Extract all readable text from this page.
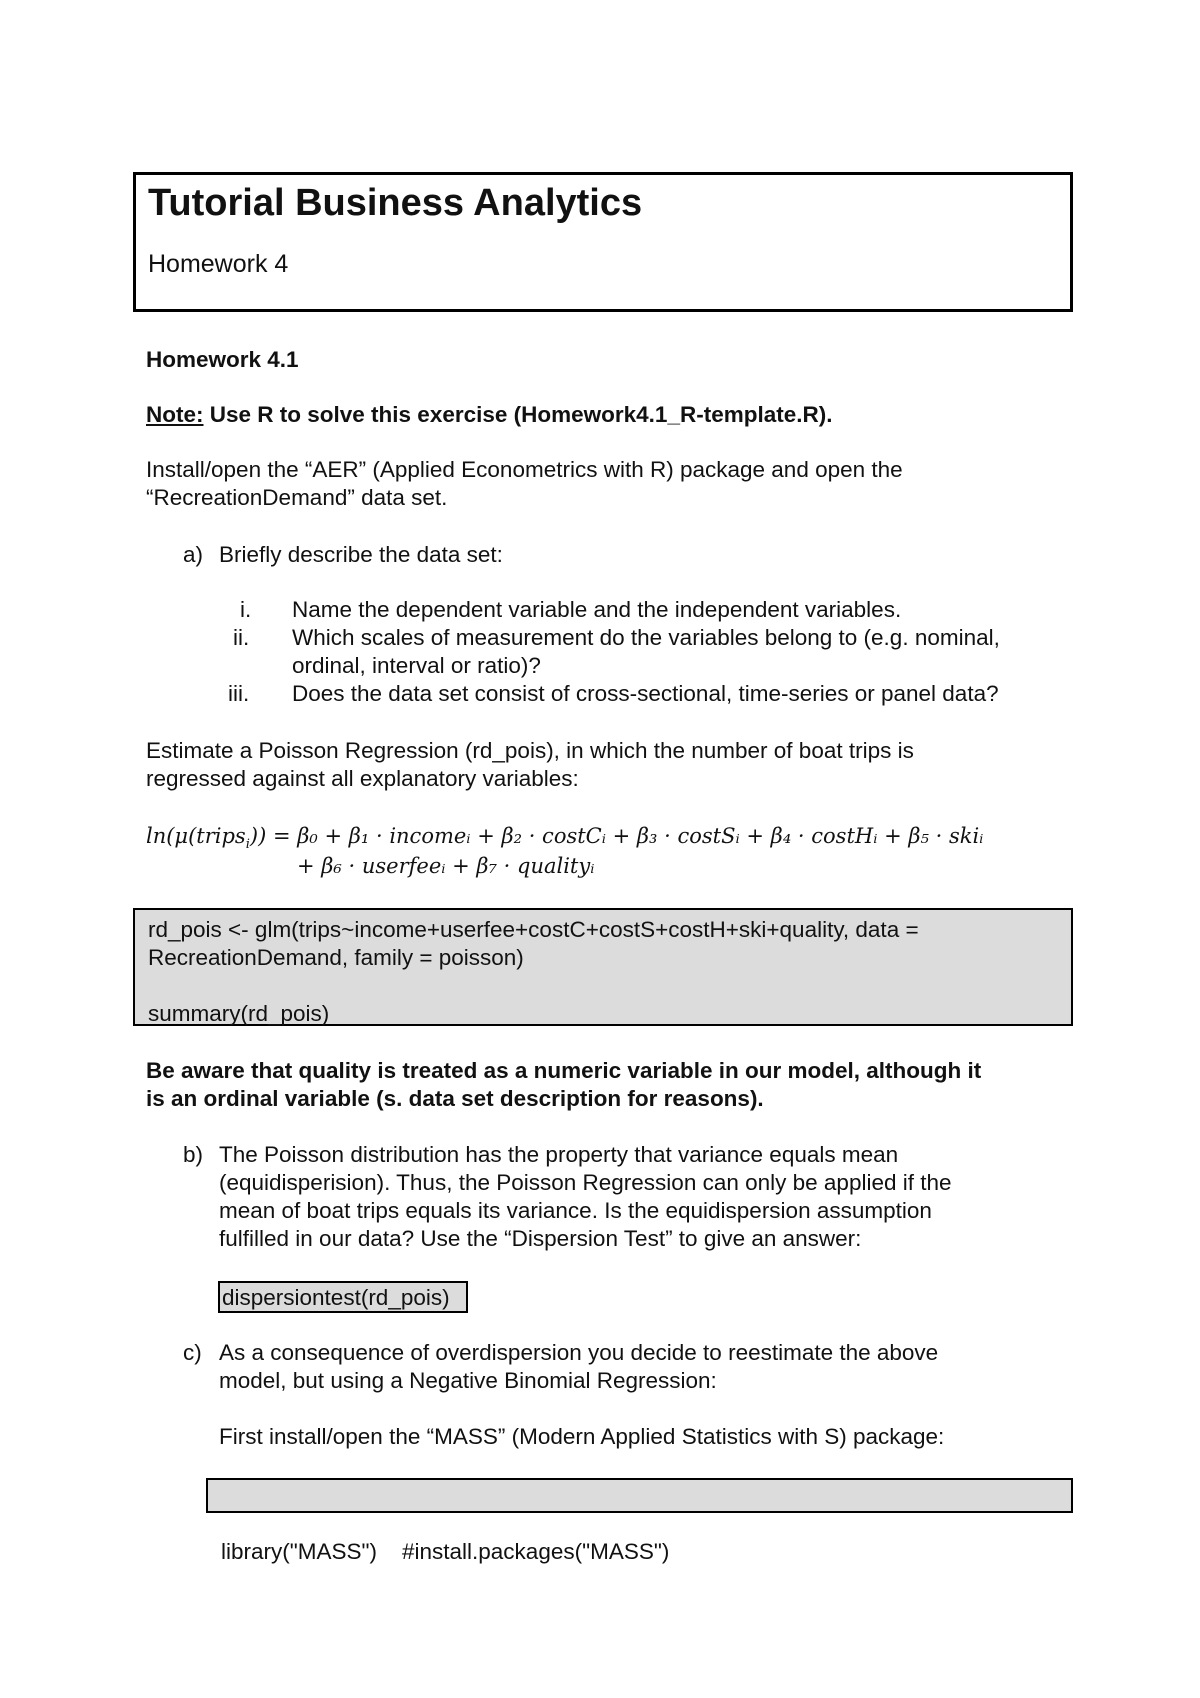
Tutorial Business Analytics
Homework 4
Homework 4.1
Note: Use R to solve this exercise (Homework4.1_R-template.R).
Install/open the “AER” (Applied Econometrics with R) package and open the
“RecreationDemand” data set.
a) Briefly describe the data set:
i. Name the dependent variable and the independent variables.
ii. Which scales of measurement do the variables belong to (e.g. nominal,
ordinal, interval or ratio)?
iii. Does the data set consist of cross-sectional, time-series or panel data?
Estimate a Poisson Regression (rd_pois), in which the number of boat trips is
regressed against all explanatory variables:
ln(μ(trips$_i$)) = β₀ + β₁ · incomeᵢ + β₂ · costCᵢ + β₃ · costSᵢ + β₄ · costHᵢ + β₅ · skiᵢ
+ β₆ · userfeeᵢ + β₇ · qualityᵢ
rd_pois <- glm(trips~income+userfee+costC+costS+costH+ski+quality, data =
RecreationDemand, family = poisson)
summary(rd_pois)
Be aware that quality is treated as a numeric variable in our model, although it
is an ordinal variable (s. data set description for reasons).
b) The Poisson distribution has the property that variance equals mean
(equidisperision). Thus, the Poisson Regression can only be applied if the
mean of boat trips equals its variance. Is the equidispersion assumption
fulfilled in our data? Use the “Dispersion Test” to give an answer:
dispersiontest(rd_pois)
c) As a consequence of overdispersion you decide to reestimate the above
model, but using a Negative Binomial Regression:
First install/open the “MASS” (Modern Applied Statistics with S) package:

library("MASS")    #install.packages("MASS")
